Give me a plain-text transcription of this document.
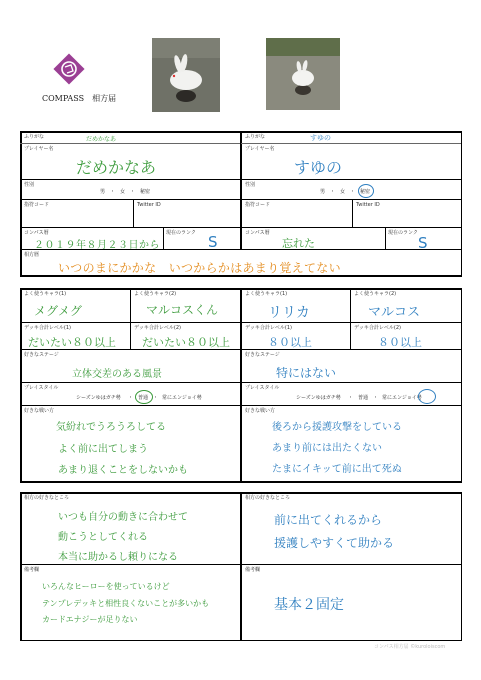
COMPASS　相方届
ふりがな	だめかなあ
プレイヤー名
だめかなあ
性別
男 ・ 女 ・ 秘密
指符コード	Twitter ID
コンパス暦
２０１９年８月２３日から
現在のランク S
ふりがな	すゆの
プレイヤー名
すゆの
性別
男 ・ 女 ・ 秘密
指符コード	Twitter ID
コンパス暦
忘れた
現在のランク
S
相方暦
いつのまにかかな　いつからかはあまり覚えてない
よく使うキャラ(1)
メグメグ
よく使うキャラ(2)
マルコスくん
デッキ合計レベル(1)
だいたい８０以上
デッキ合計レベル(2)
だいたい８０以上
よく使うキャラ(1)
リリカ
よく使うキャラ(2)
マルコス
デッキ合計レベル(1)
８０以上
デッキ合計レベル(2)
８０以上
好きなステージ
立体交差のある風景
好きなステージ
特にはない
プレイスタイル
シーズンゆはガチ勢 ・ 普通 ・ 常にエンジョイ勢
プレイスタイル
シーズンゆはガチ勢 ・ 普通 ・ 常にエンジョイ勢
好きな戦い方
気紛れでうろうろしてる
よく前に出てしまう
あまり退くことをしないかも
好きな戦い方
後ろから援護攻撃をしている
あまり前には出たくない
たまにイキッて前に出て死ぬ
相方の好きなところ
いつも自分の動きに合わせて
動こうとしてくれる
本当に助かるし頼りになる
相方の好きなところ
前に出てくれるから
援護しやすくて助かる
備考欄
いろんなヒーローを使っているけど
テンプレデッキと相性良くないことが多いかも
カードエナジーが足りない
備考欄
基本２固定
コンパス相方届 ©kuroloiscom
